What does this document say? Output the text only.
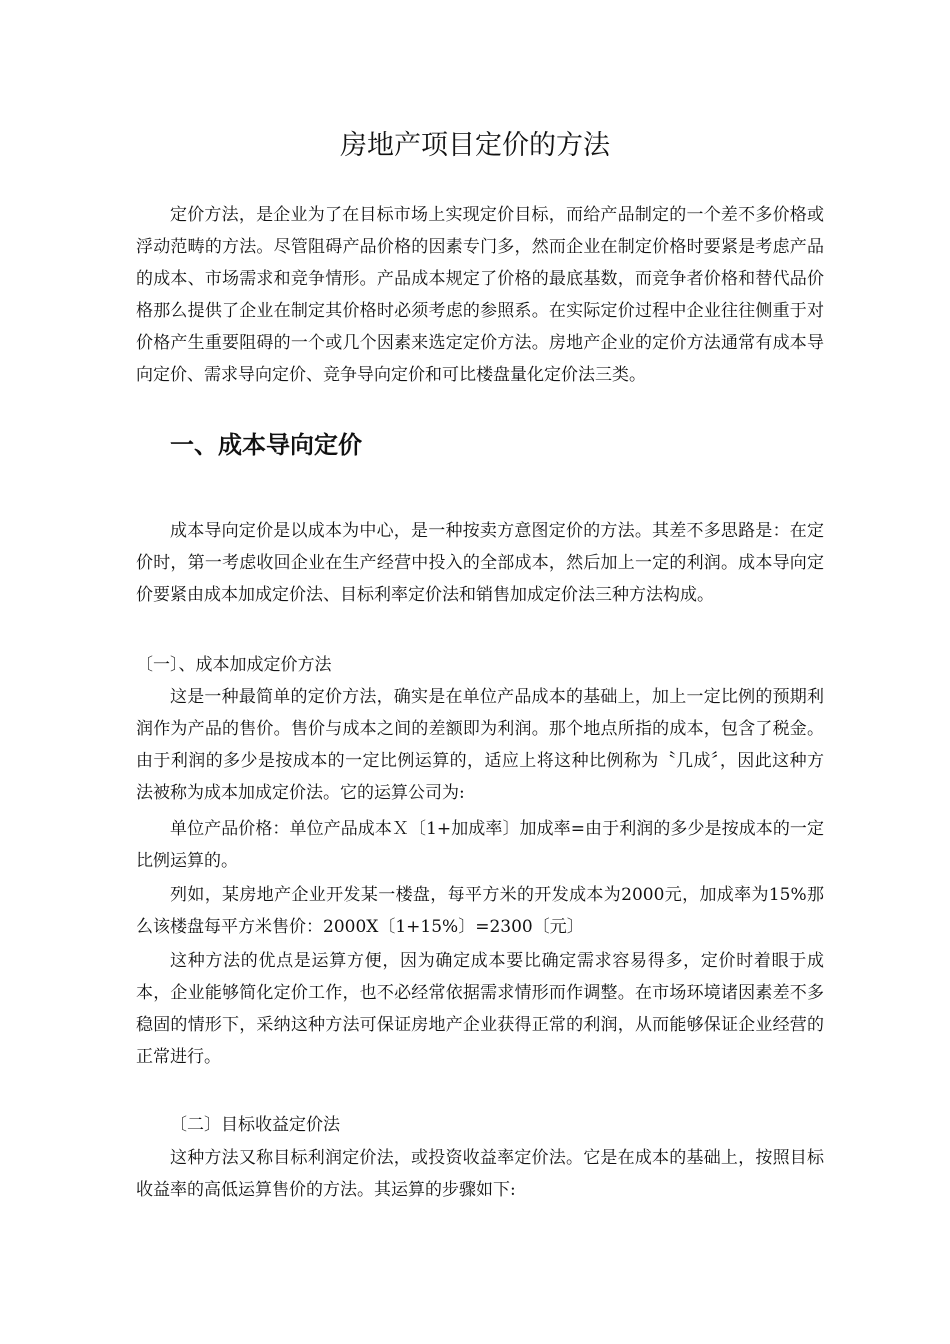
房地产项目定价的方法

定价方法，是企业为了在目标市场上实现定价目标，而给产品制定的一个差不多价格或浮动范畴的方法。尽管阻碍产品价格的因素专门多，然而企业在制定价格时要紧是考虑产品的成本、市场需求和竞争情形。产品成本规定了价格的最底基数，而竞争者价格和替代品价格那么提供了企业在制定其价格时必须考虑的参照系。在实际定价过程中企业往往侧重于对价格产生重要阻碍的一个或几个因素来选定定价方法。房地产企业的定价方法通常有成本导向定价、需求导向定价、竞争导向定价和可比楼盘量化定价法三类。

一、成本导向定价

成本导向定价是以成本为中心，是一种按卖方意图定价的方法。其差不多思路是：在定价时，第一考虑收回企业在生产经营中投入的全部成本，然后加上一定的利润。成本导向定价要紧由成本加成定价法、目标利率定价法和销售加成定价法三种方法构成。

〔一〕、成本加成定价方法

这是一种最简单的定价方法，确实是在单位产品成本的基础上，加上一定比例的预期利润作为产品的售价。售价与成本之间的差额即为利润。那个地点所指的成本，包含了税金。由于利润的多少是按成本的一定比例运算的，适应上将这种比例称为〝几成〞，因此这种方法被称为成本加成定价法。它的运算公司为:

单位产品价格：单位产品成本Ｘ〔1+加成率〕加成率=由于利润的多少是按成本的一定比例运算的。

列如，某房地产企业开发某一楼盘，每平方米的开发成本为2000元，加成率为15%那么该楼盘每平方米售价：2000X〔1+15%〕=2300〔元〕

这种方法的优点是运算方便，因为确定成本要比确定需求容易得多，定价时着眼于成本，企业能够简化定价工作，也不必经常依据需求情形而作调整。在市场环境诸因素差不多稳固的情形下，采纳这种方法可保证房地产企业获得正常的利润，从而能够保证企业经营的正常进行。

〔二〕目标收益定价法

这种方法又称目标利润定价法，或投资收益率定价法。它是在成本的基础上，按照目标收益率的高低运算售价的方法。其运算的步骤如下:
